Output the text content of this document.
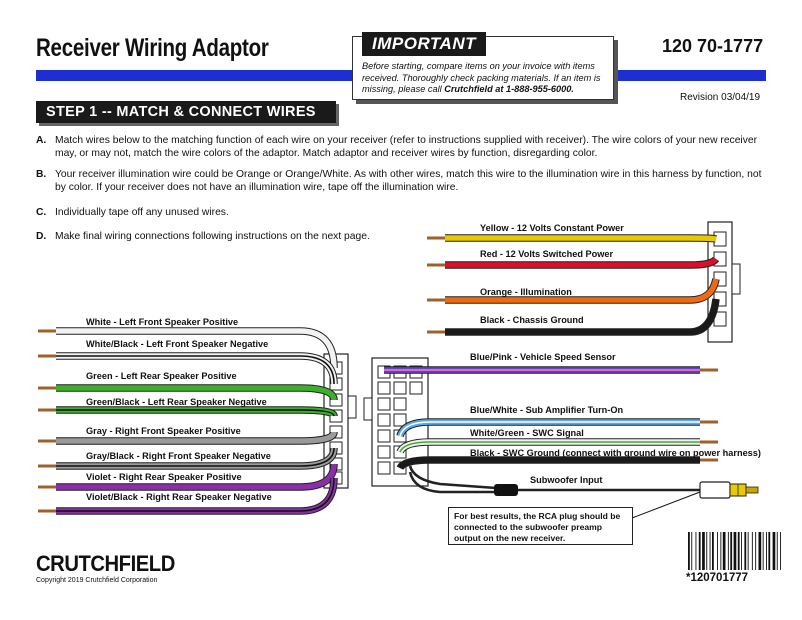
Receiver Wiring Adaptor	120 70-1777
IMPORTANT
Before starting, compare items on your invoice with items received. Thoroughly check packing materials. If an item is missing, please call Crutchfield at 1-888-955-6000.
Revision 03/04/19
STEP 1 -- MATCH & CONNECT WIRES
A. Match wires below to the matching function of each wire on your receiver (refer to instructions supplied with receiver). The wire colors of your new receiver may, or may not, match the wire colors of the adaptor. Match adaptor and receiver wires by function, disregarding color.
B. Your receiver illumination wire could be Orange or Orange/White. As with other wires, match this wire to the illumination wire in this harness by function, not by color. If your receiver does not have an illumination wire, tape off the illumination wire.
C. Individually tape off any unused wires.
D. Make final wiring connections following instructions on the next page.
Yellow - 12 Volts Constant Power
Red - 12 Volts Switched Power
Orange - Illumination
Black - Chassis Ground
White - Left Front Speaker Positive
White/Black - Left Front Speaker Negative
Green - Left Rear Speaker Positive
Green/Black - Left Rear Speaker Negative
Gray - Right Front Speaker Positive
Gray/Black - Right Front Speaker Negative
Violet - Right Rear Speaker Positive
Violet/Black - Right Rear Speaker Negative
Blue/Pink - Vehicle Speed Sensor
Blue/White - Sub Amplifier Turn-On
White/Green - SWC Signal
Black - SWC Ground (connect with ground wire on power harness)
Subwoofer Input
For best results, the RCA plug should be connected to the subwoofer preamp output on the new receiver.
CRUTCHFIELD
Copyright 2019 Crutchfield Corporation	*120701777
